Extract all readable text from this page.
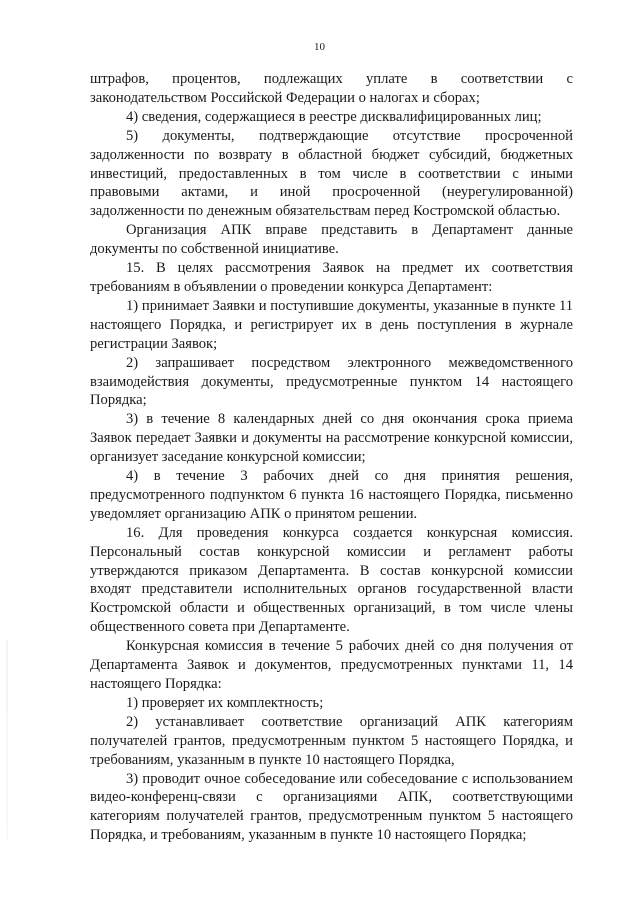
10

штрафов, процентов, подлежащих уплате в соответствии с законодательством Российской Федерации о налогах и сборах;

4) сведения, содержащиеся в реестре дисквалифицированных лиц;

5) документы, подтверждающие отсутствие просроченной задолженности по возврату в областной бюджет субсидий, бюджетных инвестиций, предоставленных в том числе в соответствии с иными правовыми актами, и иной просроченной (неурегулированной) задолженности по денежным обязательствам перед Костромской областью.

Организация АПК вправе представить в Департамент данные документы по собственной инициативе.

15. В целях рассмотрения Заявок на предмет их соответствия требованиям в объявлении о проведении конкурса Департамент:

1) принимает Заявки и поступившие документы, указанные в пункте 11 настоящего Порядка, и регистрирует их в день поступления в журнале регистрации Заявок;

2) запрашивает посредством электронного межведомственного взаимодействия документы, предусмотренные пунктом 14 настоящего Порядка;

3) в течение 8 календарных дней со дня окончания срока приема Заявок передает Заявки и документы на рассмотрение конкурсной комиссии, организует заседание конкурсной комиссии;

4) в течение 3 рабочих дней со дня принятия решения, предусмотренного подпунктом 6 пункта 16 настоящего Порядка, письменно уведомляет организацию АПК о принятом решении.

16. Для проведения конкурса создается конкурсная комиссия. Персональный состав конкурсной комиссии и регламент работы утверждаются приказом Департамента. В состав конкурсной комиссии входят представители исполнительных органов государственной власти Костромской области и общественных организаций, в том числе члены общественного совета при Департаменте.

Конкурсная комиссия в течение 5 рабочих дней со дня получения от Департамента Заявок и документов, предусмотренных пунктами 11, 14 настоящего Порядка:

1) проверяет их комплектность;

2) устанавливает соответствие организаций АПК категориям получателей грантов, предусмотренным пунктом 5 настоящего Порядка, и требованиям, указанным в пункте 10 настоящего Порядка,

3) проводит очное собеседование или собеседование с использованием видео-конференц-связи с организациями АПК, соответствующими категориям получателей грантов, предусмотренным пунктом 5 настоящего Порядка, и требованиям, указанным в пункте 10 настоящего Порядка;
